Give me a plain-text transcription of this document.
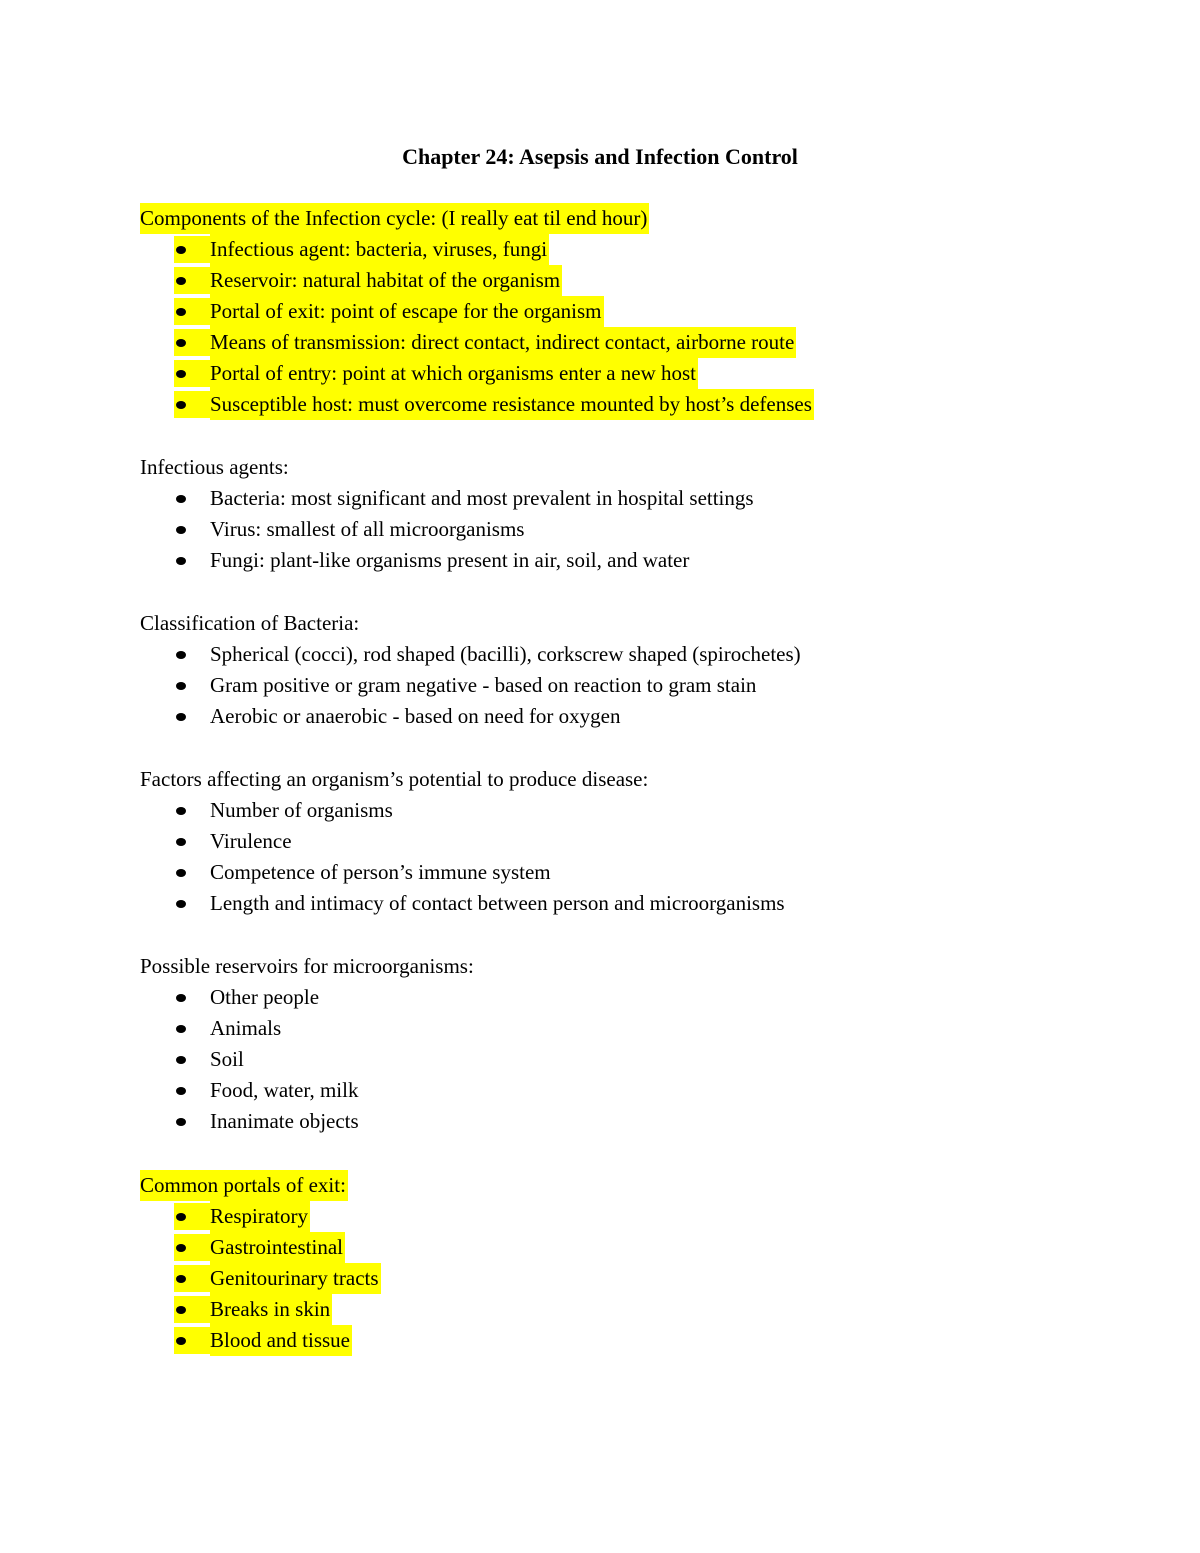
Chapter 24: Asepsis and Infection Control

Components of the Infection cycle: (I really eat til end hour)

Infectious agent: bacteria, viruses, fungi
Reservoir: natural habitat of the organism
Portal of exit: point of escape for the organism
Means of transmission: direct contact, indirect contact, airborne route
Portal of entry: point at which organisms enter a new host
Susceptible host: must overcome resistance mounted by host’s defenses

Infectious agents:

Bacteria: most significant and most prevalent in hospital settings
Virus: smallest of all microorganisms
Fungi: plant-like organisms present in air, soil, and water

Classification of Bacteria:

Spherical (cocci), rod shaped (bacilli), corkscrew shaped (spirochetes)
Gram positive or gram negative - based on reaction to gram stain
Aerobic or anaerobic - based on need for oxygen

Factors affecting an organism’s potential to produce disease:

Number of organisms
Virulence
Competence of person’s immune system
Length and intimacy of contact between person and microorganisms

Possible reservoirs for microorganisms:

Other people
Animals
Soil
Food, water, milk
Inanimate objects

Common portals of exit:

Respiratory
Gastrointestinal
Genitourinary tracts
Breaks in skin
Blood and tissue
